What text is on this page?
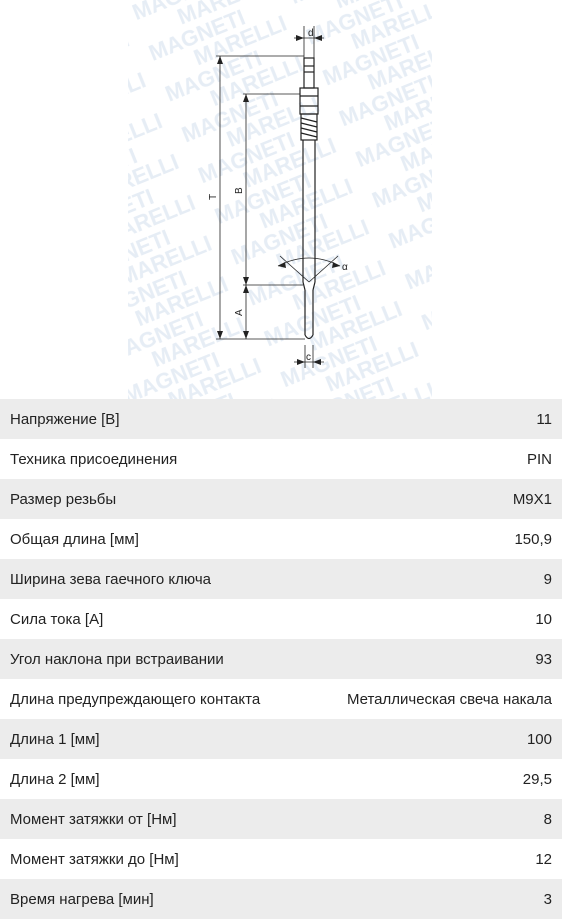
d
T
B
A
c
α
Напряжение [В]	11
Техника присоединения	PIN
Размер резьбы	M9X1
Общая длина [мм]	150,9
Ширина зева гаечного ключа	9
Сила тока [A]	10
Угол наклона при встраивании	93
Длина предупреждающего контакта	Металлическая свеча накала
Длина 1 [мм]	100
Длина 2 [мм]	29,5
Момент затяжки от [Нм]	8
Момент затяжки до [Нм]	12
Время нагрева [мин]	3
